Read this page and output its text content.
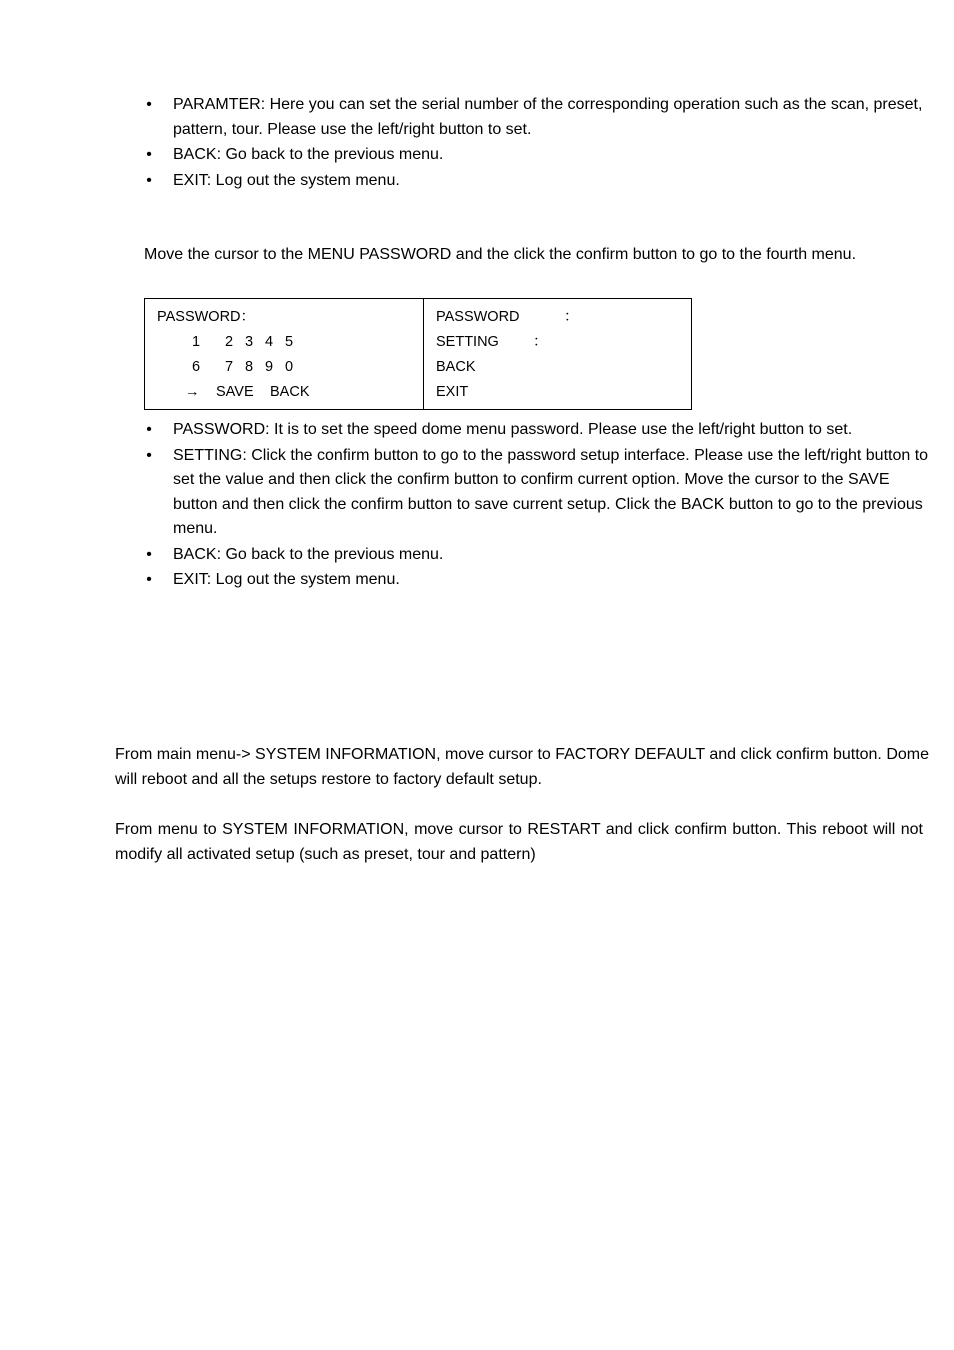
• PARAMTER: Here you can set the serial number of the corresponding operation such as the scan, preset, pattern, tour. Please use the left/right button to set.
• BACK: Go back to the previous menu.
• EXIT: Log out the system menu.

Move the cursor to the MENU PASSWORD and the click the confirm button to go to the fourth menu.

PASSWORD：
1 2 3 4 5
6 7 8 9 0
→ SAVE BACK
PASSWORD	：
SETTING ：
BACK
EXIT
• PASSWORD: It is to set the speed dome menu password. Please use the left/right button to set.
• SETTING: Click the confirm button to go to the password setup interface. Please use the left/right button to set the value and then click the confirm button to confirm current option. Move the cursor to the SAVE button and then click the confirm button to save current setup. Click the BACK button to go to the previous menu.
• BACK: Go back to the previous menu.
• EXIT: Log out the system menu.

From main menu-> SYSTEM INFORMATION, move cursor to FACTORY DEFAULT and click confirm button. Dome will reboot and all the setups restore to factory default setup.

From menu to SYSTEM INFORMATION, move cursor to RESTART and click confirm button. This reboot will not modify all activated setup (such as preset, tour and pattern)
